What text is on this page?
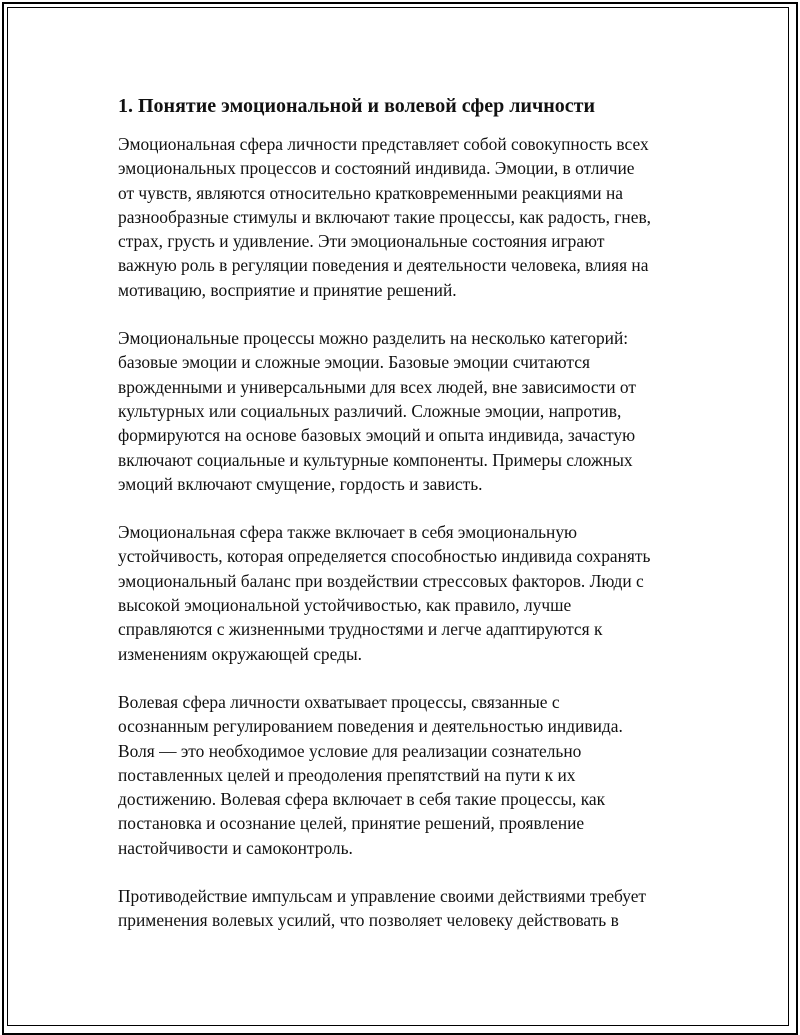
1. Понятие эмоциональной и волевой сфер личности

Эмоциональная сфера личности представляет собой совокупность всех
эмоциональных процессов и состояний индивида. Эмоции, в отличие
от чувств, являются относительно кратковременными реакциями на
разнообразные стимулы и включают такие процессы, как радость, гнев,
страх, грусть и удивление. Эти эмоциональные состояния играют
важную роль в регуляции поведения и деятельности человека, влияя на
мотивацию, восприятие и принятие решений.

Эмоциональные процессы можно разделить на несколько категорий:
базовые эмоции и сложные эмоции. Базовые эмоции считаются
врожденными и универсальными для всех людей, вне зависимости от
культурных или социальных различий. Сложные эмоции, напротив,
формируются на основе базовых эмоций и опыта индивида, зачастую
включают социальные и культурные компоненты. Примеры сложных
эмоций включают смущение, гордость и зависть.

Эмоциональная сфера также включает в себя эмоциональную
устойчивость, которая определяется способностью индивида сохранять
эмоциональный баланс при воздействии стрессовых факторов. Люди с
высокой эмоциональной устойчивостью, как правило, лучше
справляются с жизненными трудностями и легче адаптируются к
изменениям окружающей среды.

Волевая сфера личности охватывает процессы, связанные с
осознанным регулированием поведения и деятельностью индивида.
Воля — это необходимое условие для реализации сознательно
поставленных целей и преодоления препятствий на пути к их
достижению. Волевая сфера включает в себя такие процессы, как
постановка и осознание целей, принятие решений, проявление
настойчивости и самоконтроль.

Противодействие импульсам и управление своими действиями требует
применения волевых усилий, что позволяет человеку действовать в
